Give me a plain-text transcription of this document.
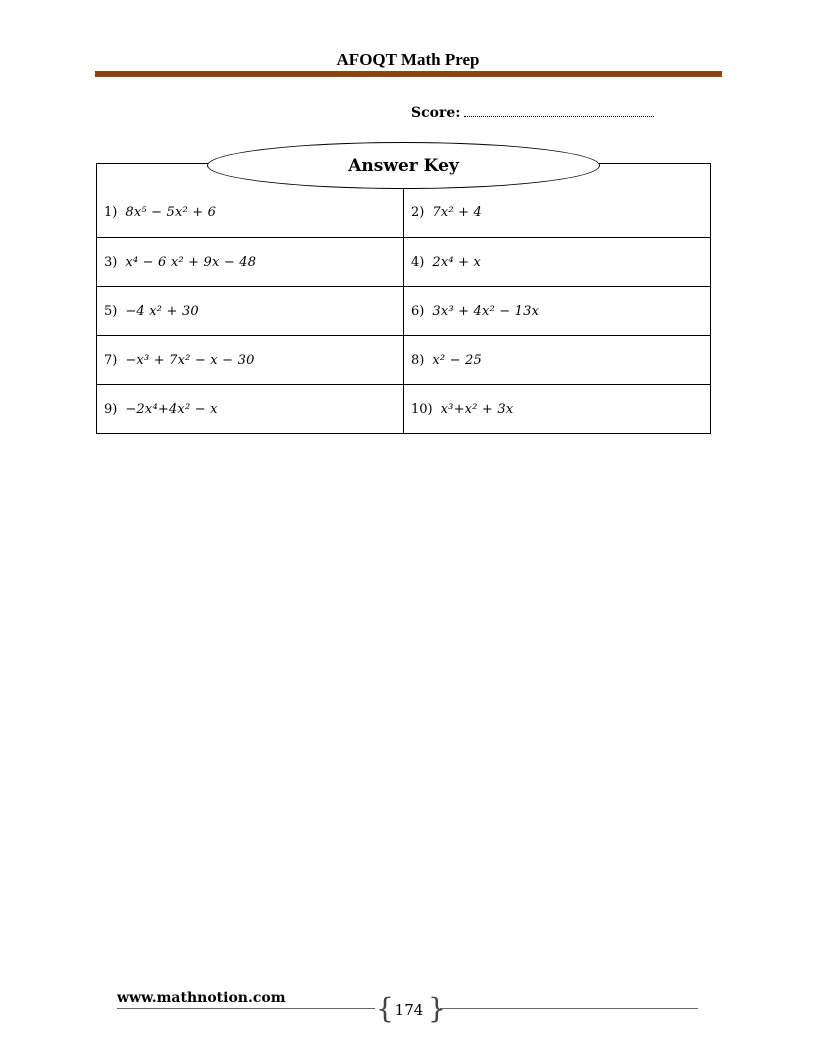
AFOQT Math Prep
Score:
1) 8x⁵ − 5x² + 6	2) 7x² + 4
3) x⁴ − 6 x² + 9x − 48	4) 2x⁴ + x
5) −4 x² + 30	6) 3x³ + 4x² − 13x
7) −x³ + 7x² − x − 30	8) x² − 25
9) −2x⁴+4x² − x	10) x³+x² + 3x
Answer Key
www.mathnotion.com	{ 174 }
